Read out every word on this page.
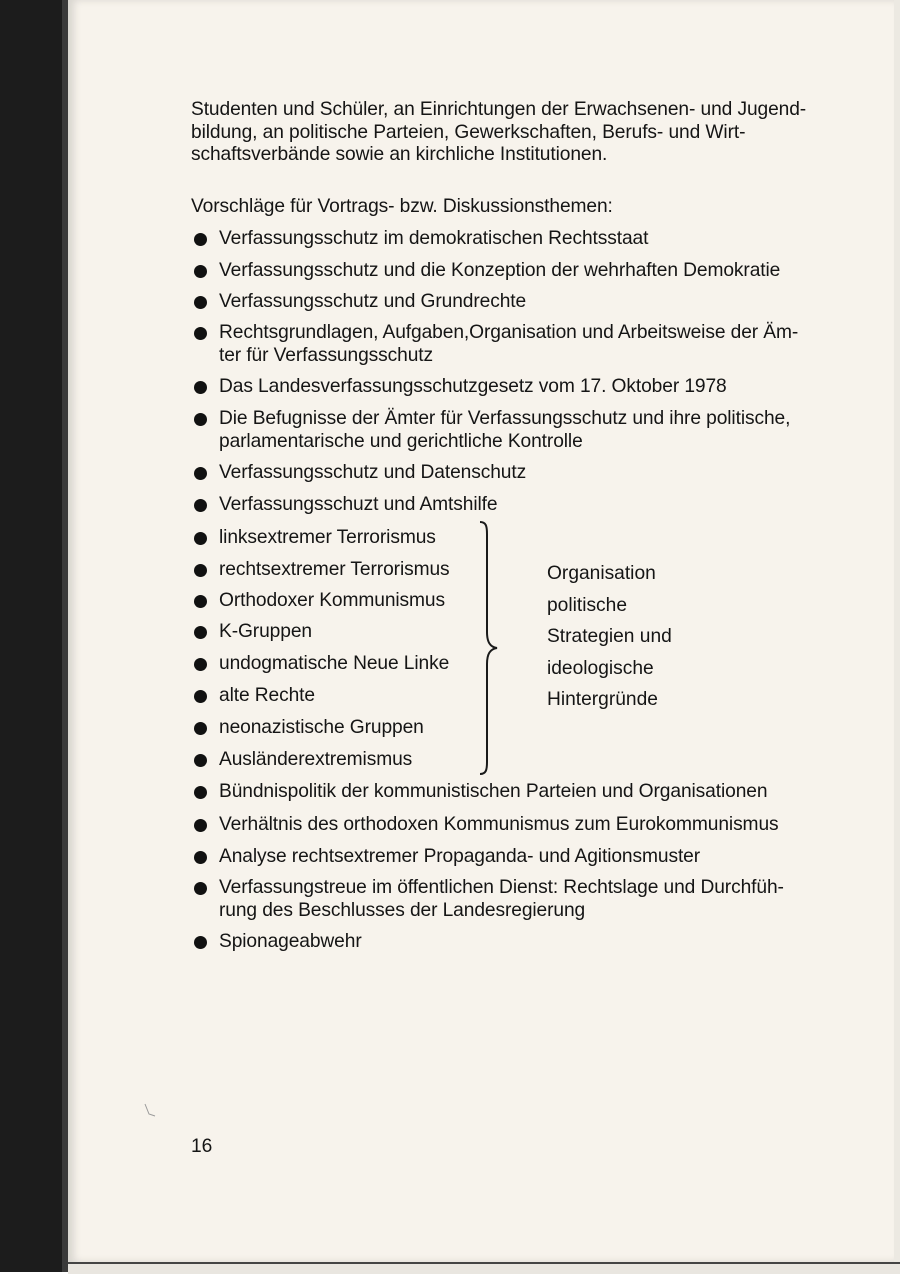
Studenten und Schüler, an Einrichtungen der Erwachsenen- und Jugend-
bildung, an politische Parteien, Gewerkschaften, Berufs- und Wirt-
schaftsverbände sowie an kirchliche Institutionen.
Vorschläge für Vortrags- bzw. Diskussionsthemen:
Verfassungsschutz im demokratischen Rechtsstaat
Verfassungsschutz und die Konzeption der wehrhaften Demokratie
Verfassungsschutz und Grundrechte
Rechtsgrundlagen, Aufgaben,Organisation und Arbeitsweise der Äm-
ter für Verfassungsschutz
Das Landesverfassungsschutzgesetz vom 17. Oktober 1978
Die Befugnisse der Ämter für Verfassungsschutz und ihre politische,
parlamentarische und gerichtliche Kontrolle
Verfassungsschutz und Datenschutz
Verfassungsschuzt und Amtshilfe
linksextremer Terrorismus
rechtsextremer Terrorismus
Orthodoxer Kommunismus
K-Gruppen
undogmatische Neue Linke
alte Rechte
neonazistische Gruppen
Ausländerextremismus
Bündnispolitik der kommunistischen Parteien und Organisationen
Verhältnis des orthodoxen Kommunismus zum Eurokommunismus
Analyse rechtsextremer Propaganda- und Agitionsmuster
Verfassungstreue im öffentlichen Dienst: Rechtslage und Durchfüh-
rung des Beschlusses der Landesregierung
Spionageabwehr
Organisation
politische
Strategien und
ideologische
Hintergründe
16
